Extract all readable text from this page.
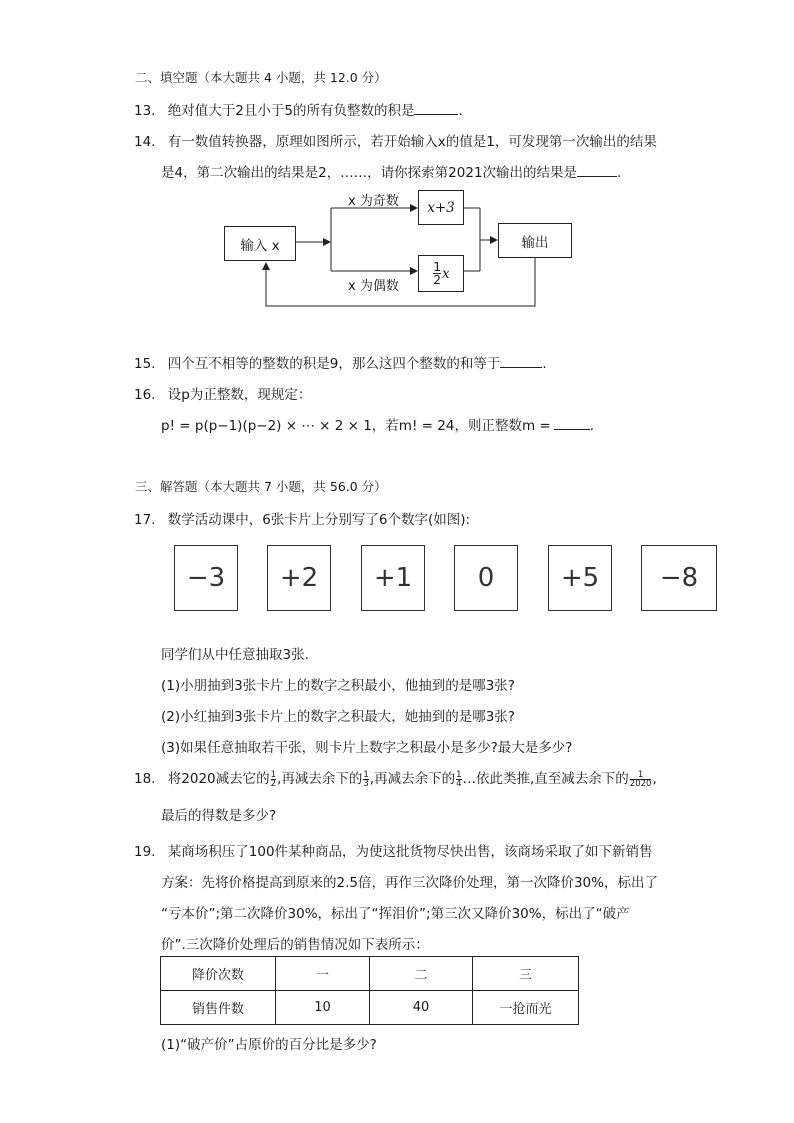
二、填空题（本大题共 4 小题，共 12.0 分）
13. 绝对值大于2且小于5的所有负整数的积是	.
14. 有一数值转换器，原理如图所示，若开始输入x的值是1，可发现第一次输出的结果
是4，第二次输出的结果是2，……，请你探索第2021次输出的结果是	.
输入 x
x 为奇数 x+3
$\frac{1}{2}$ x
x 为偶数
输出
15. 四个互不相等的整数的积是9，那么这四个整数的和等于	.
16. 设p为正整数，现规定：
p! = p(p−1)(p−2) × ⋯ × 2 × 1，若m! = 24，则正整数m =	.
三、解答题（本大题共 7 小题，共 56.0 分）
17. 数学活动课中，6张卡片上分别写了6个数字(如图):
−3	+2	+1	0	+5	−8
同学们从中任意抽取3张.
(1)小朋抽到3张卡片上的数字之积最小，他抽到的是哪3张?
(2)小红抽到3张卡片上的数字之积最大，她抽到的是哪3张?
(3)如果任意抽取若干张，则卡片上数字之积最小是多少?最大是多少?
18. 将2020减去它的 $\frac{1}{2}$ ,再减去余下的 $\frac{1}{3}$ ,再减去余下的 $\frac{1}{4}$ …依此类推,直至减去余下的 $\frac{1}{2020}$ ,
最后的得数是多少?
19. 某商场积压了100件某种商品，为使这批货物尽快出售，该商场采取了如下新销售
方案：先将价格提高到原来的2.5倍，再作三次降价处理，第一次降价30%，标出了
“亏本价”;第二次降价30%，标出了“挥泪价”;第三次又降价30%，标出了“破产
价”.三次降价处理后的销售情况如下表所示：
降价次数	一	二	三
销售件数	10	40	一抢而光
(1)“破产价”占原价的百分比是多少?
